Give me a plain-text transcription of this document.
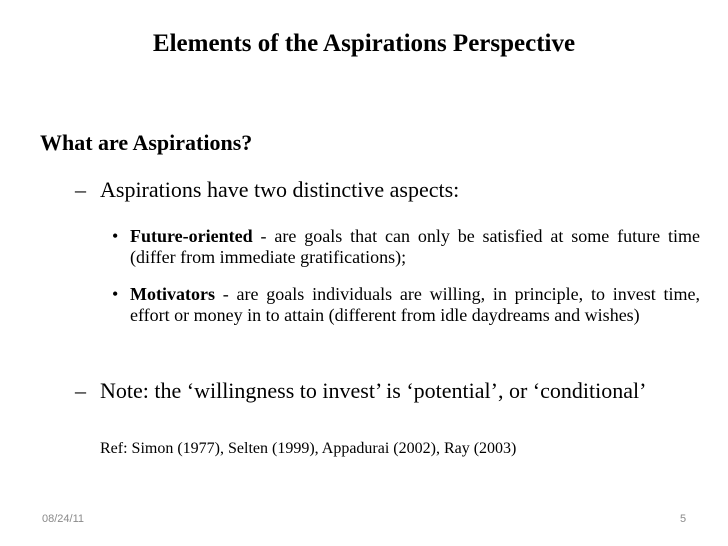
Elements of the Aspirations Perspective
What are Aspirations?
– Aspirations have two distinctive aspects:
• Future-oriented - are goals that can only be satisfied at some future time (differ from immediate gratifications);
• Motivators - are goals individuals are willing, in principle, to invest time, effort or money in to attain (different from idle daydreams and wishes)
– Note: the ‘willingness to invest’ is ‘potential’, or ‘conditional’
Ref: Simon (1977), Selten (1999), Appadurai (2002), Ray (2003)
08/24/11	5
